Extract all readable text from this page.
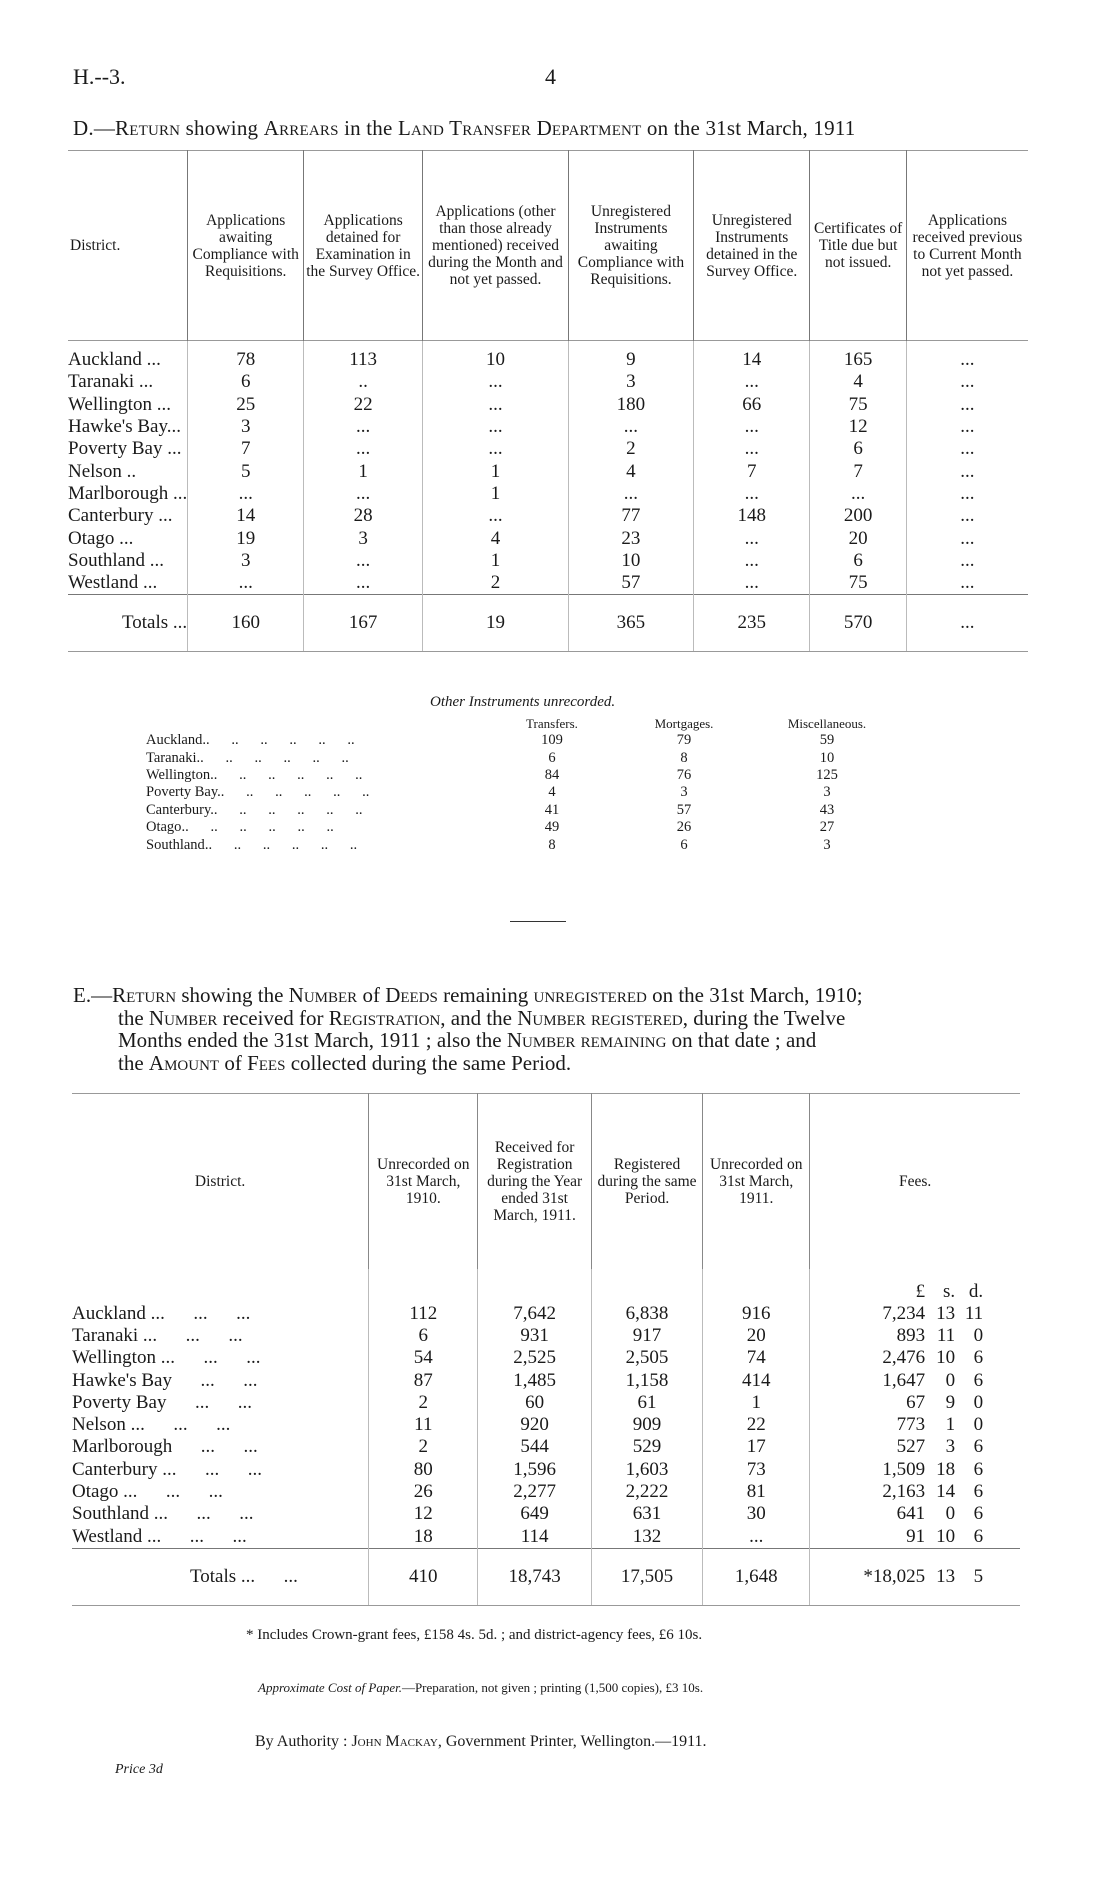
H.--3.	4
D.—Return showing Arrears in the Land Transfer Department on the 31st March, 1911
District.	Applications awaiting Compliance with Requisitions.	Applications detained for Examination in the Survey Office.	Applications (other than those already mentioned) received during the Month and not yet passed.	Unregistered Instruments awaiting Compliance with Requisitions.	Unregistered Instruments detained in the Survey Office.	Certificates of Title due but not issued.	Applications received previous to Current Month not yet passed.
Auckland ...	78	113	10	9	14	165	...
Taranaki ...	6	..	...	3	...	4	...
Wellington ...	25	22	...	180	66	75	...
Hawke's Bay...	3	...	...	...	...	12	...
Poverty Bay ...	7	...	...	2	...	6	...
Nelson ..	5	1	1	4	7	7	...
Marlborough ...	...	...	1	...	...	...	...
Canterbury ...	14	28	...	77	148	200	...
Otago ...	19	3	4	23	...	20	...
Southland ...	3	...	1	10	...	6	...
Westland ...	...	...	2	57	...	75	...
Totals ...	160	167	19	365	235	570	...
Other Instruments unrecorded.
	Transfers.	Mortgages.	Miscellaneous.
Auckland..      ..      ..      ..      ..      ..	109	79	59
Taranaki..      ..      ..      ..      ..      ..	6	8	10
Wellington..      ..      ..      ..      ..      ..	84	76	125
Poverty Bay..      ..      ..      ..      ..      ..	4	3	3
Canterbury..      ..      ..      ..      ..      ..	41	57	43
Otago..      ..      ..      ..      ..      ..	49	26	27
Southland..      ..      ..      ..      ..      ..	8	6	3
E.—Return showing the Number of Deeds remaining unregistered on the 31st March, 1910;
the Number received for Registration, and the Number registered, during the Twelve
Months ended the 31st March, 1911 ; also the Number remaining on that date ; and
the Amount of Fees collected during the same Period.
District.	Unrecorded on 31st March, 1910.	Received for Registration during the Year ended 31st March, 1911.	Registered during the same Period.	Unrecorded on 31st March, 1911.	Fees.
					£ s. d.
Auckland ...      ...      ...	112	7,642	6,838	916	7,234 13 11
Taranaki ...      ...      ...	6	931	917	20	893 11 0
Wellington ...      ...      ...	54	2,525	2,505	74	2,476 10 6
Hawke's Bay      ...      ...	87	1,485	1,158	414	1,647 0 6
Poverty Bay      ...      ...	2	60	61	1	67 9 0
Nelson ...      ...      ...	11	920	909	22	773 1 0
Marlborough      ...      ...	2	544	529	17	527 3 6
Canterbury ...      ...      ...	80	1,596	1,603	73	1,509 18 6
Otago ...      ...      ...	26	2,277	2,222	81	2,163 14 6
Southland ...      ...      ...	12	649	631	30	641 0 6
Westland ...      ...      ...	18	114	132	...	91 10 6
Totals ...      ...	410	18,743	17,505	1,648	*18,025 13 5
* Includes Crown-grant fees, £158 4s. 5d. ; and district-agency fees, £6 10s.
Approximate Cost of Paper.—Preparation, not given ; printing (1,500 copies), £3 10s.
By Authority : John Mackay, Government Printer, Wellington.—1911.
Price 3d
